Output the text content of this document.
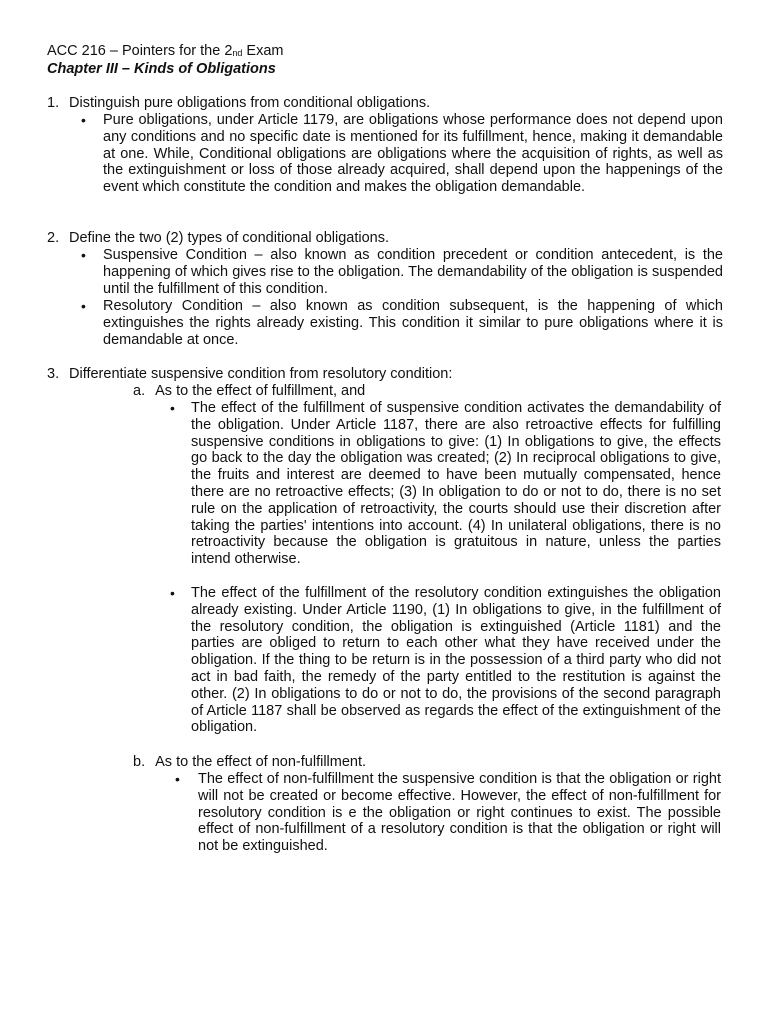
ACC 216 – Pointers for the 2nd Exam
Chapter III – Kinds of Obligations
1. Distinguish pure obligations from conditional obligations.
• Pure obligations, under Article 1179, are obligations whose performance does not depend upon any conditions and no specific date is mentioned for its fulfillment, hence, making it demandable at one. While, Conditional obligations are obligations where the acquisition of rights, as well as the extinguishment or loss of those already acquired, shall depend upon the happenings of the event which constitute the condition and makes the obligation demandable.
2. Define the two (2) types of conditional obligations.
• Suspensive Condition – also known as condition precedent or condition antecedent, is the happening of which gives rise to the obligation. The demandability of the obligation is suspended until the fulfillment of this condition.
• Resolutory Condition – also known as condition subsequent, is the happening of which extinguishes the rights already existing. This condition it similar to pure obligations where it is demandable at once.
3. Differentiate suspensive condition from resolutory condition:
a. As to the effect of fulfillment, and
• The effect of the fulfillment of suspensive condition activates the demandability of the obligation. Under Article 1187, there are also retroactive effects for fulfilling suspensive conditions in obligations to give: (1) In obligations to give, the effects go back to the day the obligation was created; (2) In reciprocal obligations to give, the fruits and interest are deemed to have been mutually compensated, hence there are no retroactive effects; (3) In obligation to do or not to do, there is no set rule on the application of retroactivity, the courts should use their discretion after taking the parties' intentions into account. (4) In unilateral obligations, there is no retroactivity because the obligation is gratuitous in nature, unless the parties intend otherwise.
• The effect of the fulfillment of the resolutory condition extinguishes the obligation already existing. Under Article 1190, (1) In obligations to give, in the fulfillment of the resolutory condition, the obligation is extinguished (Article 1181) and the parties are obliged to return to each other what they have received under the obligation. If the thing to be return is in the possession of a third party who did not act in bad faith, the remedy of the party entitled to the restitution is against the other. (2) In obligations to do or not to do, the provisions of the second paragraph of Article 1187 shall be observed as regards the effect of the extinguishment of the obligation.
b. As to the effect of non-fulfillment.
• The effect of non-fulfillment the suspensive condition is that the obligation or right will not be created or become effective. However, the effect of non-fulfillment for resolutory condition is e the obligation or right continues to exist. The possible effect of non-fulfillment of a resolutory condition is that the obligation or right will not be extinguished.
